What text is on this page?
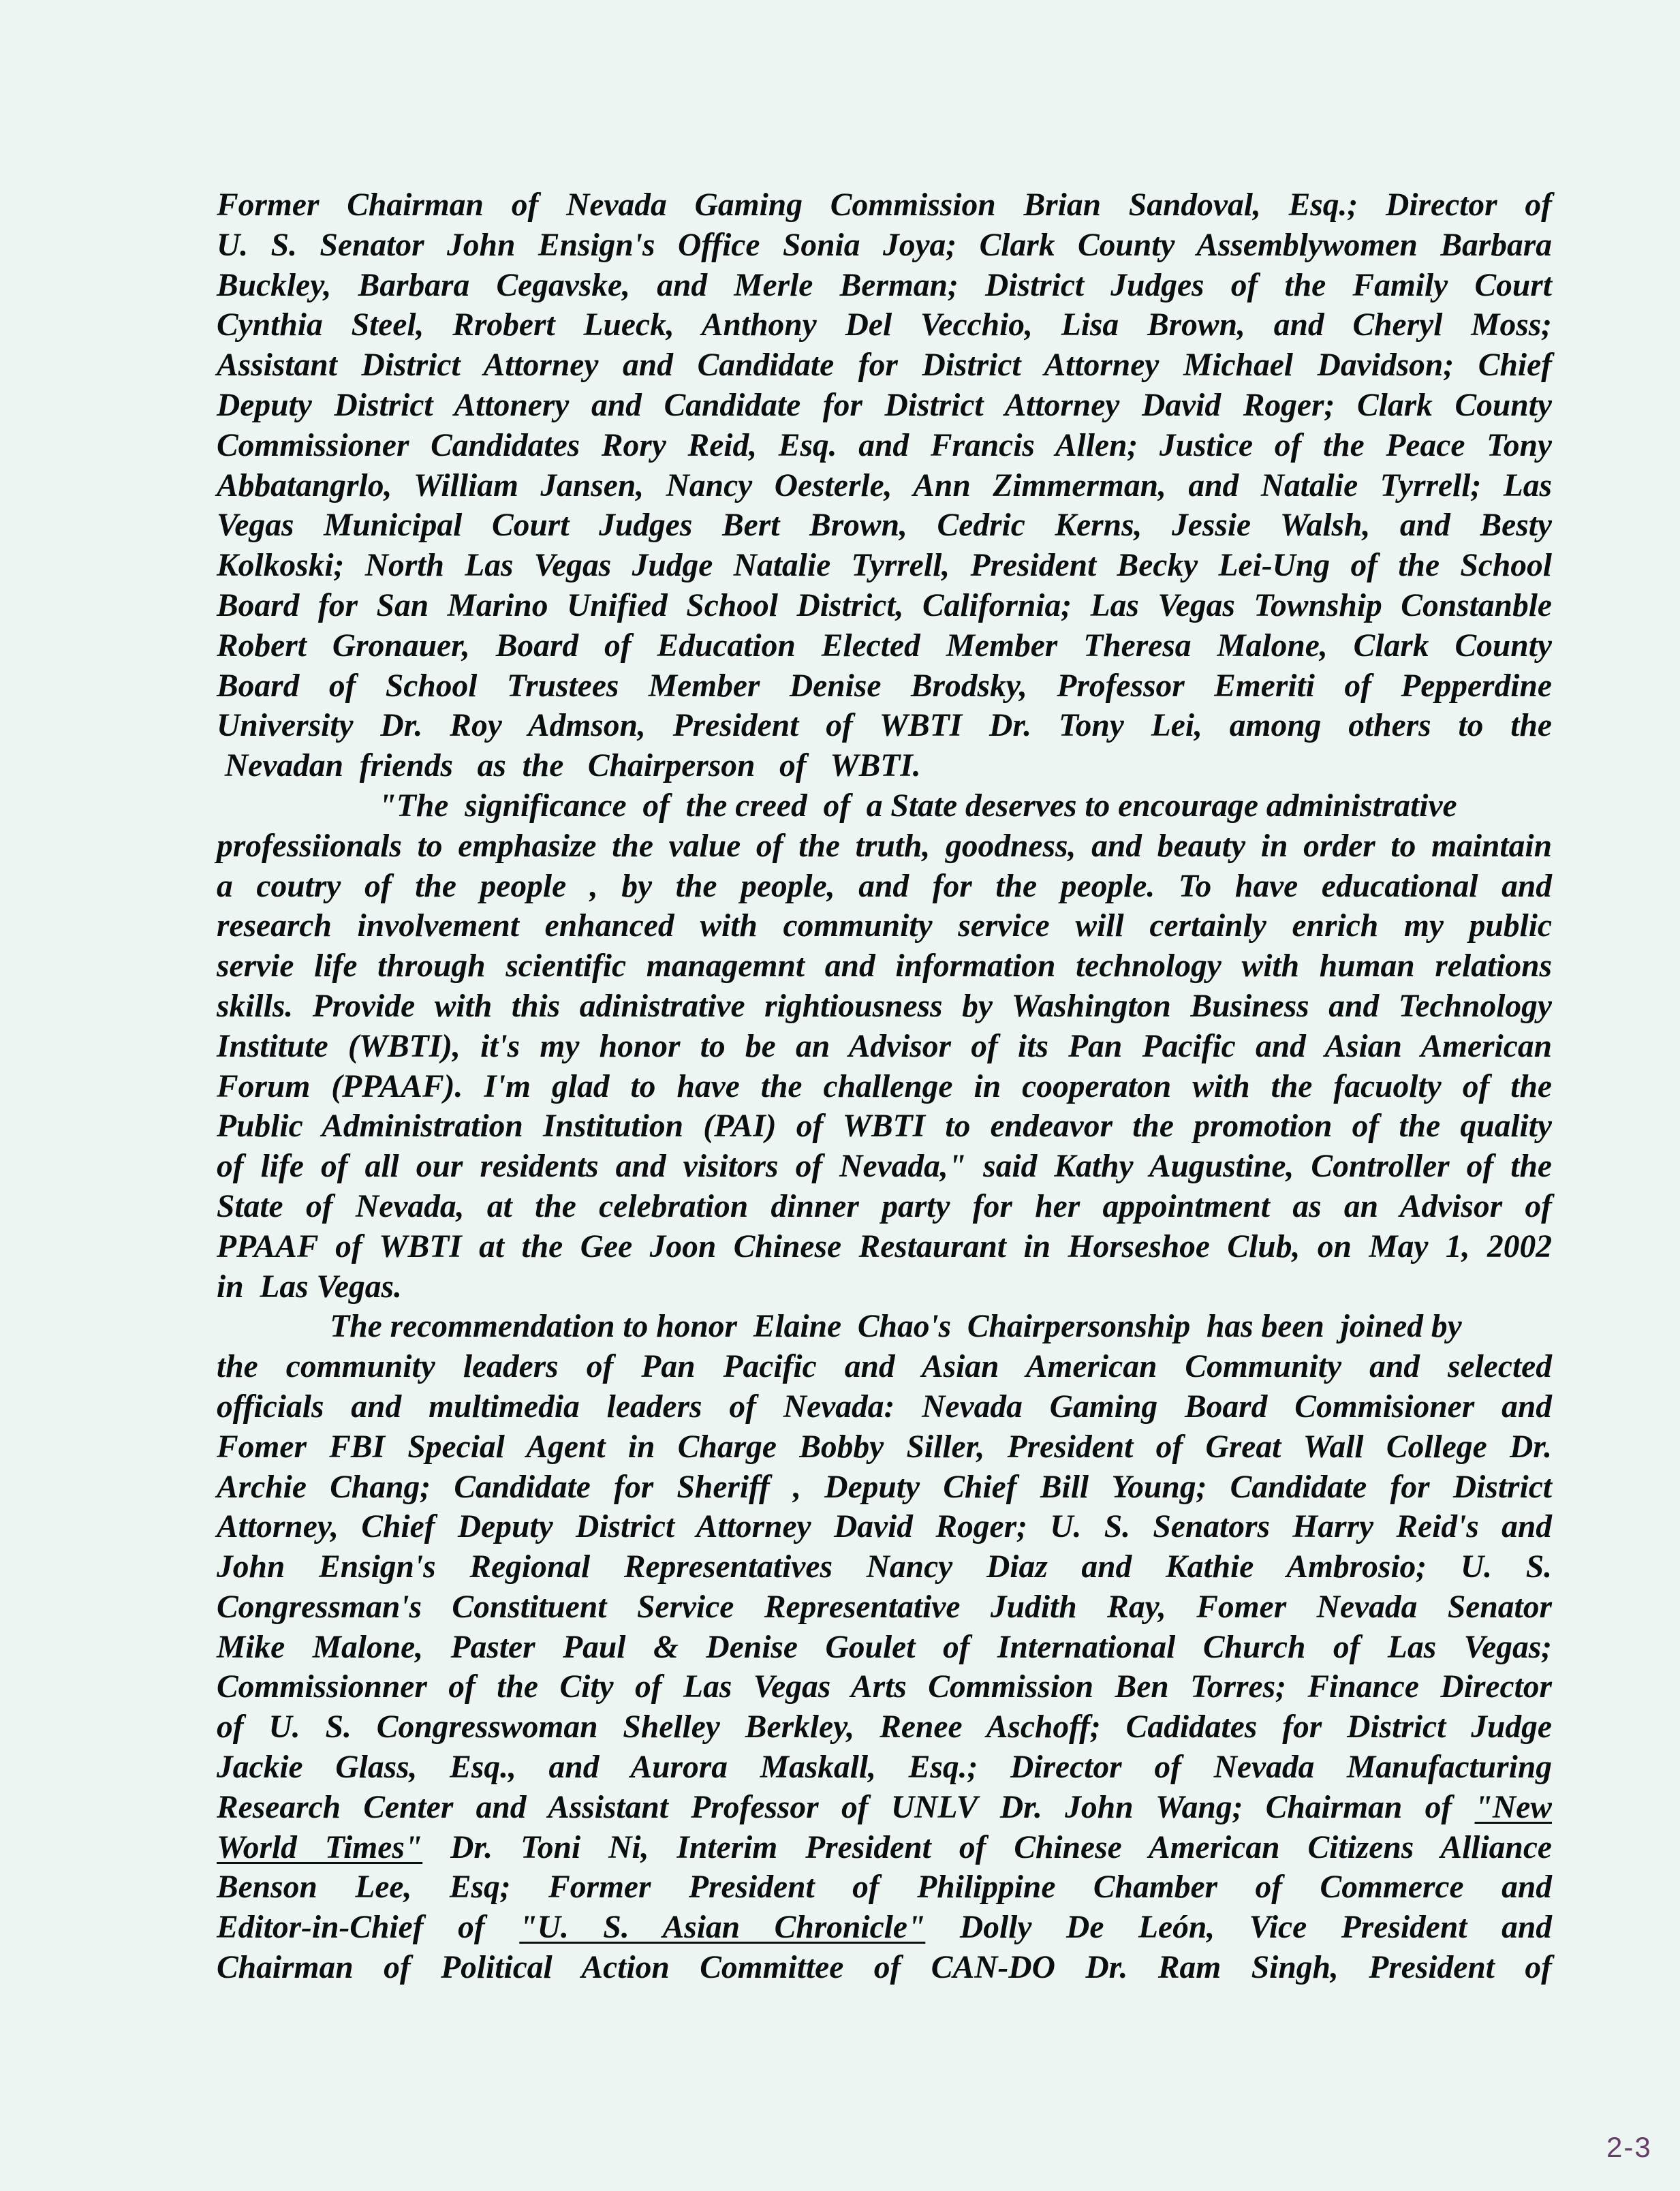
Former Chairman of Nevada Gaming Commission Brian Sandoval, Esq.; Director of
U. S. Senator John Ensign's Office Sonia Joya; Clark County Assemblywomen Barbara
Buckley, Barbara Cegavske, and Merle Berman; District Judges of the Family Court
Cynthia Steel, Rrobert Lueck, Anthony Del Vecchio, Lisa Brown, and Cheryl Moss;
Assistant District Attorney and Candidate for District Attorney Michael Davidson; Chief
Deputy District Attonery and Candidate for District Attorney David Roger; Clark County
Commissioner Candidates Rory Reid, Esq. and Francis Allen; Justice of the Peace Tony
Abbatangrlo, William Jansen, Nancy Oesterle, Ann Zimmerman, and Natalie Tyrrell; Las
Vegas Municipal Court Judges Bert Brown, Cedric Kerns, Jessie Walsh, and Besty
Kolkoski; North Las Vegas Judge Natalie Tyrrell, President Becky Lei-Ung of the School
Board for San Marino Unified School District, California; Las Vegas Township Constanble
Robert Gronauer, Board of Education Elected Member Theresa Malone, Clark County
Board of School Trustees Member Denise Brodsky, Professor Emeriti of Pepperdine
University Dr. Roy Admson, President of WBTI Dr. Tony Lei, among others to the
Nevadan  friends   as  the   Chairperson   of   WBTI.
"The  significance  of  the creed  of  a State deserves to encourage administrative
professiionals to emphasize the value of the truth, goodness, and beauty in order to maintain
a coutry of the people , by the people, and for the people. To have educational and
research involvement enhanced with community service will certainly enrich my public
servie life through scientific managemnt and information technology with human relations
skills. Provide with this adinistrative rightiousness by Washington Business and Technology
Institute (WBTI), it's my honor to be an Advisor of its Pan Pacific and Asian American
Forum (PPAAF). I'm glad to have the challenge in cooperaton with the facuolty of the
Public Administration Institution (PAI) of WBTI to endeavor the promotion of the quality
of life of all our residents and visitors of Nevada," said Kathy Augustine, Controller of the
State of Nevada, at the celebration dinner party for her appointment as an Advisor of
PPAAF of WBTI at the Gee Joon Chinese Restaurant in Horseshoe Club, on May 1, 2002
in  Las Vegas.
The recommendation to honor  Elaine  Chao's  Chairpersonship  has been  joined by
the community leaders of Pan Pacific and Asian American Community and selected
officials and multimedia leaders of Nevada: Nevada Gaming Board Commisioner and
Fomer FBI Special Agent in Charge Bobby Siller, President of Great Wall College Dr.
Archie Chang; Candidate for Sheriff , Deputy Chief Bill Young; Candidate for District
Attorney, Chief Deputy District Attorney David Roger; U. S. Senators Harry Reid's and
John Ensign's Regional Representatives Nancy Diaz and Kathie Ambrosio; U. S.
Congressman's Constituent Service Representative Judith Ray, Fomer Nevada Senator
Mike Malone, Paster Paul & Denise Goulet of International Church of Las Vegas;
Commissionner of the City of Las Vegas Arts Commission Ben Torres; Finance Director
of U. S. Congresswoman Shelley Berkley, Renee Aschoff; Cadidates for District Judge
Jackie Glass, Esq., and Aurora Maskall, Esq.; Director of Nevada Manufacturing
Research Center and Assistant Professor of UNLV Dr. John Wang; Chairman of "New
World Times" Dr. Toni Ni, Interim President of Chinese American Citizens Alliance
Benson Lee, Esq; Former President of Philippine Chamber of Commerce and
Editor-in-Chief of "U. S. Asian Chronicle" Dolly De León, Vice President and
Chairman of Political Action Committee of CAN-DO Dr. Ram Singh, President of
2-3
